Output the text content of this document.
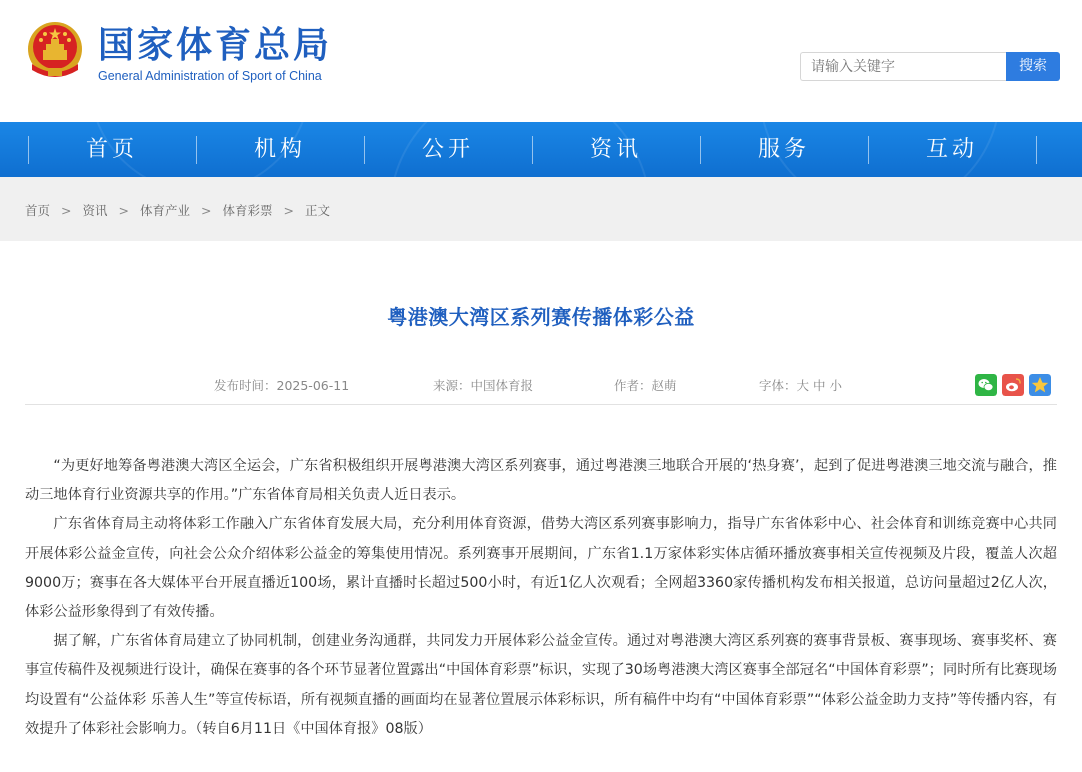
国家体育总局
General Administration of Sport of China
请输入关键字
搜索
首页	机构	公开	资讯	服务	互动
首页 > 资讯 > 体育产业 > 体育彩票 > 正文
粤港澳大湾区系列赛传播体彩公益
发布时间：2025-06-11	来源：中国体育报	作者：赵萌	字体：大 中 小

“为更好地筹备粤港澳大湾区全运会，广东省积极组织开展粤港澳大湾区系列赛事，通过粤港澳三地联合开展的‘热身赛’，起到了促进粤港澳三地交流与融合，推动三地体育行业资源共享的作用。”广东省体育局相关负责人近日表示。

广东省体育局主动将体彩工作融入广东省体育发展大局，充分利用体育资源，借势大湾区系列赛事影响力，指导广东省体彩中心、社会体育和训练竞赛中心共同开展体彩公益金宣传，向社会公众介绍体彩公益金的筹集使用情况。系列赛事开展期间，广东省1.1万家体彩实体店循环播放赛事相关宣传视频及片段，覆盖人次超9000万；赛事在各大媒体平台开展直播近100场，累计直播时长超过500小时，有近1亿人次观看；全网超3360家传播机构发布相关报道，总访问量超过2亿人次，体彩公益形象得到了有效传播。

据了解，广东省体育局建立了协同机制，创建业务沟通群，共同发力开展体彩公益金宣传。通过对粤港澳大湾区系列赛的赛事背景板、赛事现场、赛事奖杯、赛事宣传稿件及视频进行设计，确保在赛事的各个环节显著位置露出“中国体育彩票”标识，实现了30场粤港澳大湾区赛事全部冠名“中国体育彩票”；同时所有比赛现场均设置有“公益体彩 乐善人生”等宣传标语，所有视频直播的画面均在显著位置展示体彩标识，所有稿件中均有“中国体育彩票”“体彩公益金助力支持”等传播内容，有效提升了体彩社会影响力。（转自6月11日《中国体育报》08版）
